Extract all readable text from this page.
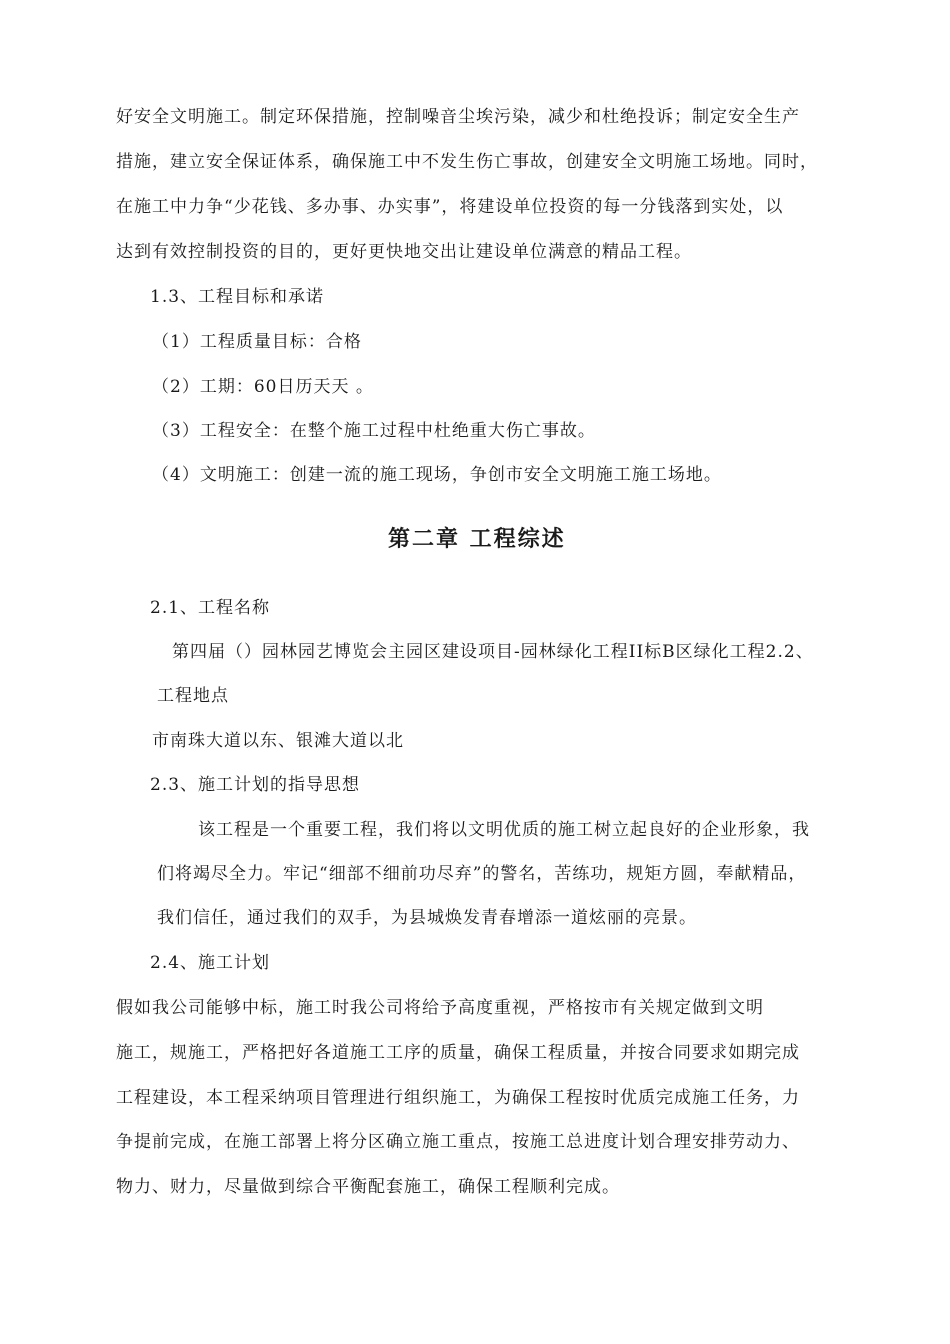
好安全文明施工。制定环保措施，控制噪音尘埃污染，减少和杜绝投诉；制定安全生产
措施，建立安全保证体系，确保施工中不发生伤亡事故，创建安全文明施工场地。同时，
在施工中力争“少花钱、多办事、办实事”，将建设单位投资的每一分钱落到实处，以
达到有效控制投资的目的，更好更快地交出让建设单位满意的精品工程。
1.3、工程目标和承诺
（1）工程质量目标：合格
（2）工期：60日历天天 。
（3）工程安全：在整个施工过程中杜绝重大伤亡事故。
（4）文明施工：创建一流的施工现场，争创市安全文明施工施工场地。
第二章 工程综述
2.1、工程名称
第四届（）园林园艺博览会主园区建设项目-园林绿化工程II标B区绿化工程2.2、
工程地点
市南珠大道以东、银滩大道以北
2.3、施工计划的指导思想
该工程是一个重要工程，我们将以文明优质的施工树立起良好的企业形象，我
们将竭尽全力。牢记“细部不细前功尽弃”的警名，苦练功，规矩方圆，奉献精品，
我们信任，通过我们的双手，为县城焕发青春增添一道炫丽的亮景。
2.4、施工计划
假如我公司能够中标，施工时我公司将给予高度重视，严格按市有关规定做到文明
施工，规施工，严格把好各道施工工序的质量，确保工程质量，并按合同要求如期完成
工程建设，本工程采纳项目管理进行组织施工，为确保工程按时优质完成施工任务，力
争提前完成，在施工部署上将分区确立施工重点，按施工总进度计划合理安排劳动力、
物力、财力，尽量做到综合平衡配套施工，确保工程顺利完成。
